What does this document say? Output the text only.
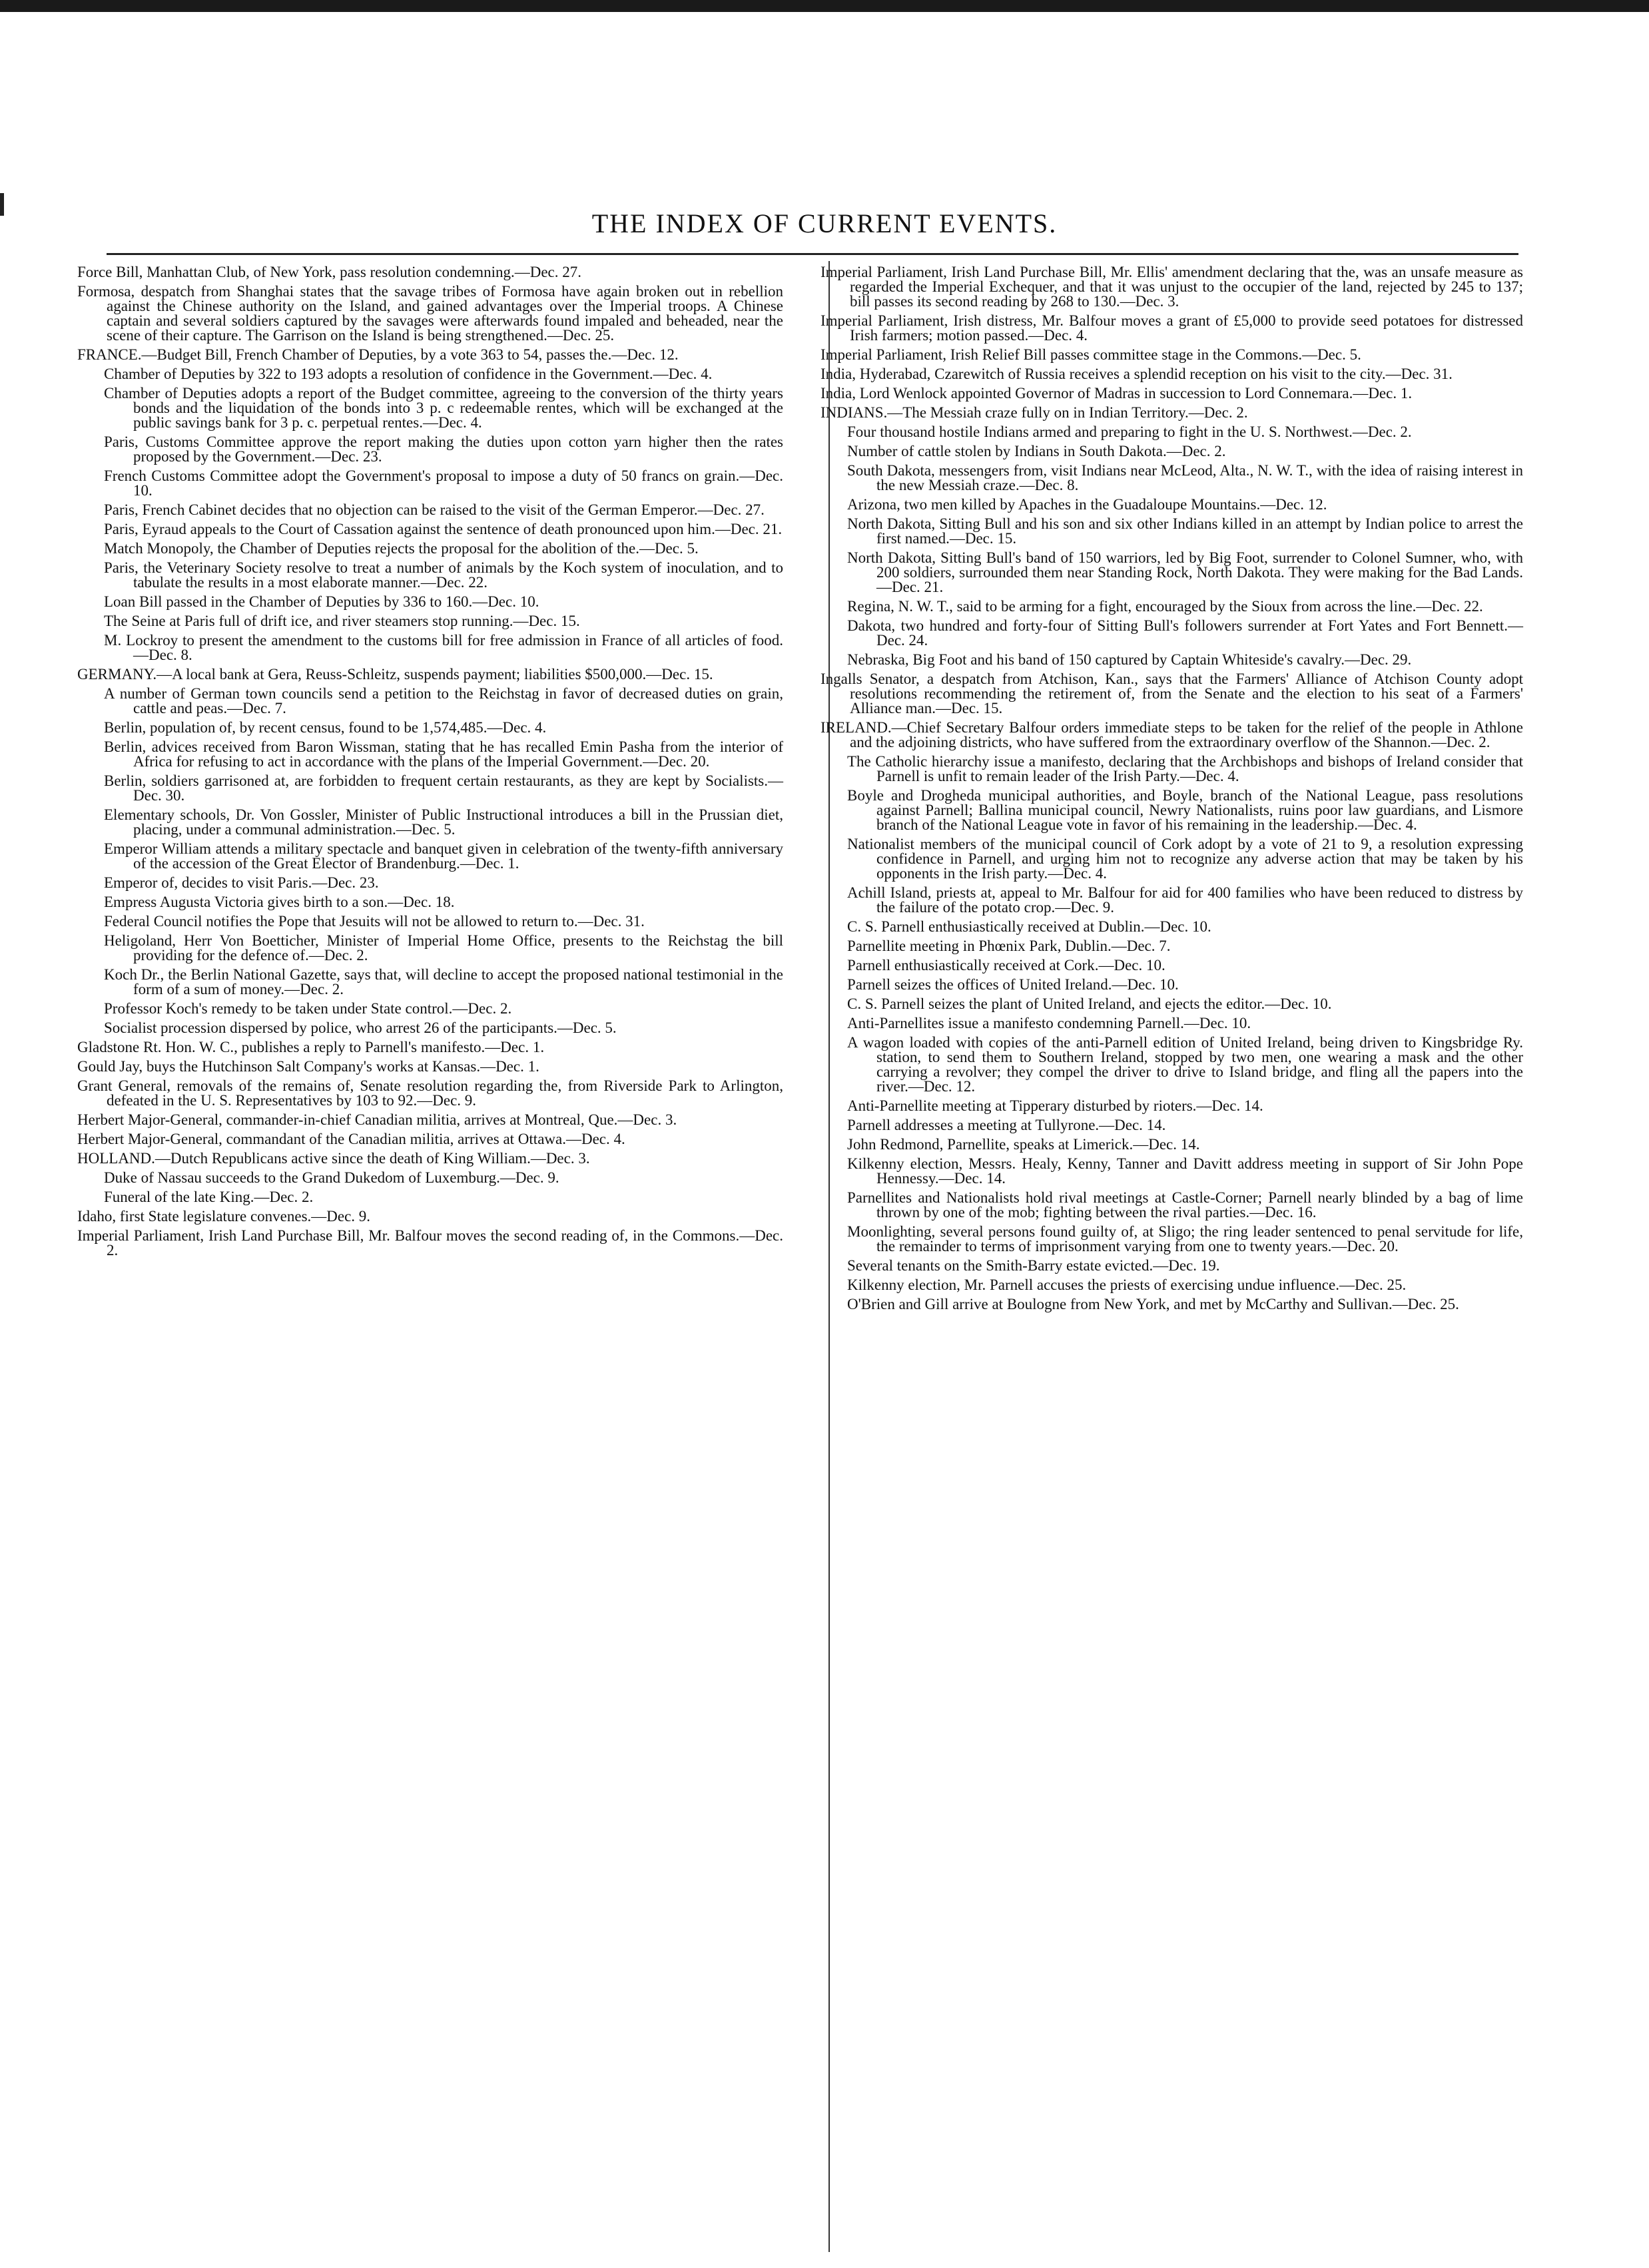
THE INDEX OF CURRENT EVENTS.

Force Bill, Manhattan Club, of New York, pass resolution condemning.—Dec. 27.

Formosa, despatch from Shanghai states that the savage tribes of Formosa have again broken out in rebellion against the Chinese authority on the Island, and gained advantages over the Imperial troops. A Chinese captain and several soldiers captured by the savages were afterwards found impaled and beheaded, near the scene of their capture. The Garrison on the Island is being strengthened.—Dec. 25.

FRANCE.—Budget Bill, French Chamber of Deputies, by a vote 363 to 54, passes the.—Dec. 12.

Chamber of Deputies by 322 to 193 adopts a resolution of confidence in the Government.—Dec. 4.

Chamber of Deputies adopts a report of the Budget committee, agreeing to the conversion of the thirty years bonds and the liquidation of the bonds into 3 p. c redeemable rentes, which will be exchanged at the public savings bank for 3 p. c. perpetual rentes.—Dec. 4.

Paris, Customs Committee approve the report making the duties upon cotton yarn higher then the rates proposed by the Government.—Dec. 23.

French Customs Committee adopt the Government's proposal to impose a duty of 50 francs on grain.—Dec. 10.

Paris, French Cabinet decides that no objection can be raised to the visit of the German Emperor.—Dec. 27.

Paris, Eyraud appeals to the Court of Cassation against the sentence of death pronounced upon him.—Dec. 21.

Match Monopoly, the Chamber of Deputies rejects the proposal for the abolition of the.—Dec. 5.

Paris, the Veterinary Society resolve to treat a number of animals by the Koch system of inoculation, and to tabulate the results in a most elaborate manner.—Dec. 22.

Loan Bill passed in the Chamber of Deputies by 336 to 160.—Dec. 10.

The Seine at Paris full of drift ice, and river steamers stop running.—Dec. 15.

M. Lockroy to present the amendment to the customs bill for free admission in France of all articles of food.—Dec. 8.

GERMANY.—A local bank at Gera, Reuss-Schleitz, suspends payment; liabilities $500,000.—Dec. 15.

A number of German town councils send a petition to the Reichstag in favor of decreased duties on grain, cattle and peas.—Dec. 7.

Berlin, population of, by recent census, found to be 1,574,485.—Dec. 4.

Berlin, advices received from Baron Wissman, stating that he has recalled Emin Pasha from the interior of Africa for refusing to act in accordance with the plans of the Imperial Government.—Dec. 20.

Berlin, soldiers garrisoned at, are forbidden to frequent certain restaurants, as they are kept by Socialists.—Dec. 30.

Elementary schools, Dr. Von Gossler, Minister of Public Instructional introduces a bill in the Prussian diet, placing, under a communal administration.—Dec. 5.

Emperor William attends a military spectacle and banquet given in celebration of the twenty-fifth anniversary of the accession of the Great Elector of Brandenburg.—Dec. 1.

Emperor of, decides to visit Paris.—Dec. 23.

Empress Augusta Victoria gives birth to a son.—Dec. 18.

Federal Council notifies the Pope that Jesuits will not be allowed to return to.—Dec. 31.

Heligoland, Herr Von Boetticher, Minister of Imperial Home Office, presents to the Reichstag the bill providing for the defence of.—Dec. 2.

Koch Dr., the Berlin National Gazette, says that, will decline to accept the proposed national testimonial in the form of a sum of money.—Dec. 2.

Professor Koch's remedy to be taken under State control.—Dec. 2.

Socialist procession dispersed by police, who arrest 26 of the participants.—Dec. 5.

Gladstone Rt. Hon. W. C., publishes a reply to Parnell's manifesto.—Dec. 1.

Gould Jay, buys the Hutchinson Salt Company's works at Kansas.—Dec. 1.

Grant General, removals of the remains of, Senate resolution regarding the, from Riverside Park to Arlington, defeated in the U. S. Representatives by 103 to 92.—Dec. 9.

Herbert Major-General, commander-in-chief Canadian militia, arrives at Montreal, Que.—Dec. 3.

Herbert Major-General, commandant of the Canadian militia, arrives at Ottawa.—Dec. 4.

HOLLAND.—Dutch Republicans active since the death of King William.—Dec. 3.

Duke of Nassau succeeds to the Grand Dukedom of Luxemburg.—Dec. 9.

Funeral of the late King.—Dec. 2.

Idaho, first State legislature convenes.—Dec. 9.

Imperial Parliament, Irish Land Purchase Bill, Mr. Balfour moves the second reading of, in the Commons.—Dec. 2.

Imperial Parliament, Irish Land Purchase Bill, Mr. Ellis' amendment declaring that the, was an unsafe measure as regarded the Imperial Exchequer, and that it was unjust to the occupier of the land, rejected by 245 to 137; bill passes its second reading by 268 to 130.—Dec. 3.

Imperial Parliament, Irish distress, Mr. Balfour moves a grant of £5,000 to provide seed potatoes for distressed Irish farmers; motion passed.—Dec. 4.

Imperial Parliament, Irish Relief Bill passes committee stage in the Commons.—Dec. 5.

India, Hyderabad, Czarewitch of Russia receives a splendid reception on his visit to the city.—Dec. 31.

India, Lord Wenlock appointed Governor of Madras in succession to Lord Connemara.—Dec. 1.

INDIANS.—The Messiah craze fully on in Indian Territory.—Dec. 2.

Four thousand hostile Indians armed and preparing to fight in the U. S. Northwest.—Dec. 2.

Number of cattle stolen by Indians in South Dakota.—Dec. 2.

South Dakota, messengers from, visit Indians near McLeod, Alta., N. W. T., with the idea of raising interest in the new Messiah craze.—Dec. 8.

Arizona, two men killed by Apaches in the Guadaloupe Mountains.—Dec. 12.

North Dakota, Sitting Bull and his son and six other Indians killed in an attempt by Indian police to arrest the first named.—Dec. 15.

North Dakota, Sitting Bull's band of 150 warriors, led by Big Foot, surrender to Colonel Sumner, who, with 200 soldiers, surrounded them near Standing Rock, North Dakota. They were making for the Bad Lands.—Dec. 21.

Regina, N. W. T., said to be arming for a fight, encouraged by the Sioux from across the line.—Dec. 22.

Dakota, two hundred and forty-four of Sitting Bull's followers surrender at Fort Yates and Fort Bennett.—Dec. 24.

Nebraska, Big Foot and his band of 150 captured by Captain Whiteside's cavalry.—Dec. 29.

Ingalls Senator, a despatch from Atchison, Kan., says that the Farmers' Alliance of Atchison County adopt resolutions recommending the retirement of, from the Senate and the election to his seat of a Farmers' Alliance man.—Dec. 15.

IRELAND.—Chief Secretary Balfour orders immediate steps to be taken for the relief of the people in Athlone and the adjoining districts, who have suffered from the extraordinary overflow of the Shannon.—Dec. 2.

The Catholic hierarchy issue a manifesto, declaring that the Archbishops and bishops of Ireland consider that Parnell is unfit to remain leader of the Irish Party.—Dec. 4.

Boyle and Drogheda municipal authorities, and Boyle, branch of the National League, pass resolutions against Parnell; Ballina municipal council, Newry Nationalists, ruins poor law guardians, and Lismore branch of the National League vote in favor of his remaining in the leadership.—Dec. 4.

Nationalist members of the municipal council of Cork adopt by a vote of 21 to 9, a resolution expressing confidence in Parnell, and urging him not to recognize any adverse action that may be taken by his opponents in the Irish party.—Dec. 4.

Achill Island, priests at, appeal to Mr. Balfour for aid for 400 families who have been reduced to distress by the failure of the potato crop.—Dec. 9.

C. S. Parnell enthusiastically received at Dublin.—Dec. 10.

Parnellite meeting in Phœnix Park, Dublin.—Dec. 7.

Parnell enthusiastically received at Cork.—Dec. 10.

Parnell seizes the offices of United Ireland.—Dec. 10.

C. S. Parnell seizes the plant of United Ireland, and ejects the editor.—Dec. 10.

Anti-Parnellites issue a manifesto condemning Parnell.—Dec. 10.

A wagon loaded with copies of the anti-Parnell edition of United Ireland, being driven to Kingsbridge Ry. station, to send them to Southern Ireland, stopped by two men, one wearing a mask and the other carrying a revolver; they compel the driver to drive to Island bridge, and fling all the papers into the river.—Dec. 12.

Anti-Parnellite meeting at Tipperary disturbed by rioters.—Dec. 14.

Parnell addresses a meeting at Tullyrone.—Dec. 14.

John Redmond, Parnellite, speaks at Limerick.—Dec. 14.

Kilkenny election, Messrs. Healy, Kenny, Tanner and Davitt address meeting in support of Sir John Pope Hennessy.—Dec. 14.

Parnellites and Nationalists hold rival meetings at Castle-Corner; Parnell nearly blinded by a bag of lime thrown by one of the mob; fighting between the rival parties.—Dec. 16.

Moonlighting, several persons found guilty of, at Sligo; the ring leader sentenced to penal servitude for life, the remainder to terms of imprisonment varying from one to twenty years.—Dec. 20.

Several tenants on the Smith-Barry estate evicted.—Dec. 19.

Kilkenny election, Mr. Parnell accuses the priests of exercising undue influence.—Dec. 25.

O'Brien and Gill arrive at Boulogne from New York, and met by McCarthy and Sullivan.—Dec. 25.
